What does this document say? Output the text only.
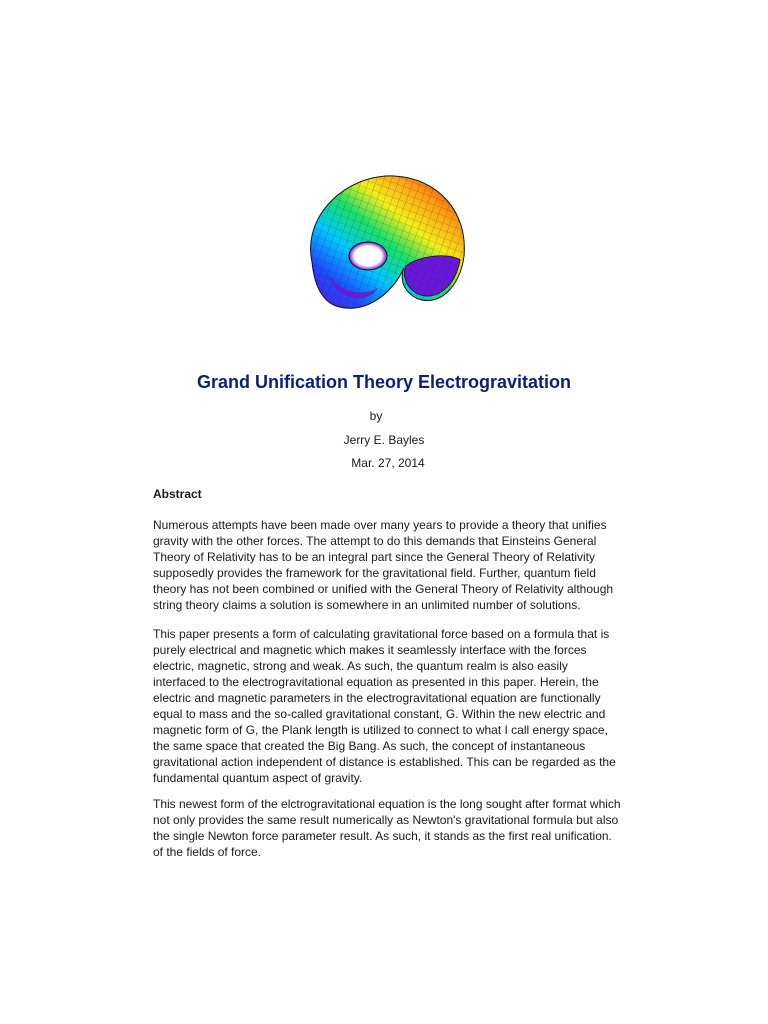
Grand Unification Theory Electrogravitation
by
Jerry E. Bayles
Mar. 27, 2014
Abstract

Numerous attempts have been made over many years to provide a theory that unifies
gravity with the other forces. The attempt to do this demands that Einsteins General
Theory of Relativity has to be an integral part since the General Theory of Relativity
supposedly provides the framework for the gravitational field. Further, quantum field
theory has not been combined or unified with the General Theory of Relativity although
string theory claims a solution is somewhere in an unlimited number of solutions.

This paper presents a form of calculating gravitational force based on a formula that is
purely electrical and magnetic which makes it seamlessly interface with the forces
electric, magnetic, strong and weak. As such, the quantum realm is also easily
interfaced to the electrogravitational equation as presented in this paper. Herein, the
electric and magnetic parameters in the electrogravitational equation are functionally
equal to mass and the so-called gravitational constant, G. Within the new electric and
magnetic form of G, the Plank length is utilized to connect to what I call energy space,
the same space that created the Big Bang. As such, the concept of instantaneous
gravitational action independent of distance is established. This can be regarded as the
fundamental quantum aspect of gravity.

This newest form of the elctrogravitational equation is the long sought after format which
not only provides the same result numerically as Newton's gravitational formula but also
the single Newton force parameter result. As such, it stands as the first real unification.
of the fields of force.
